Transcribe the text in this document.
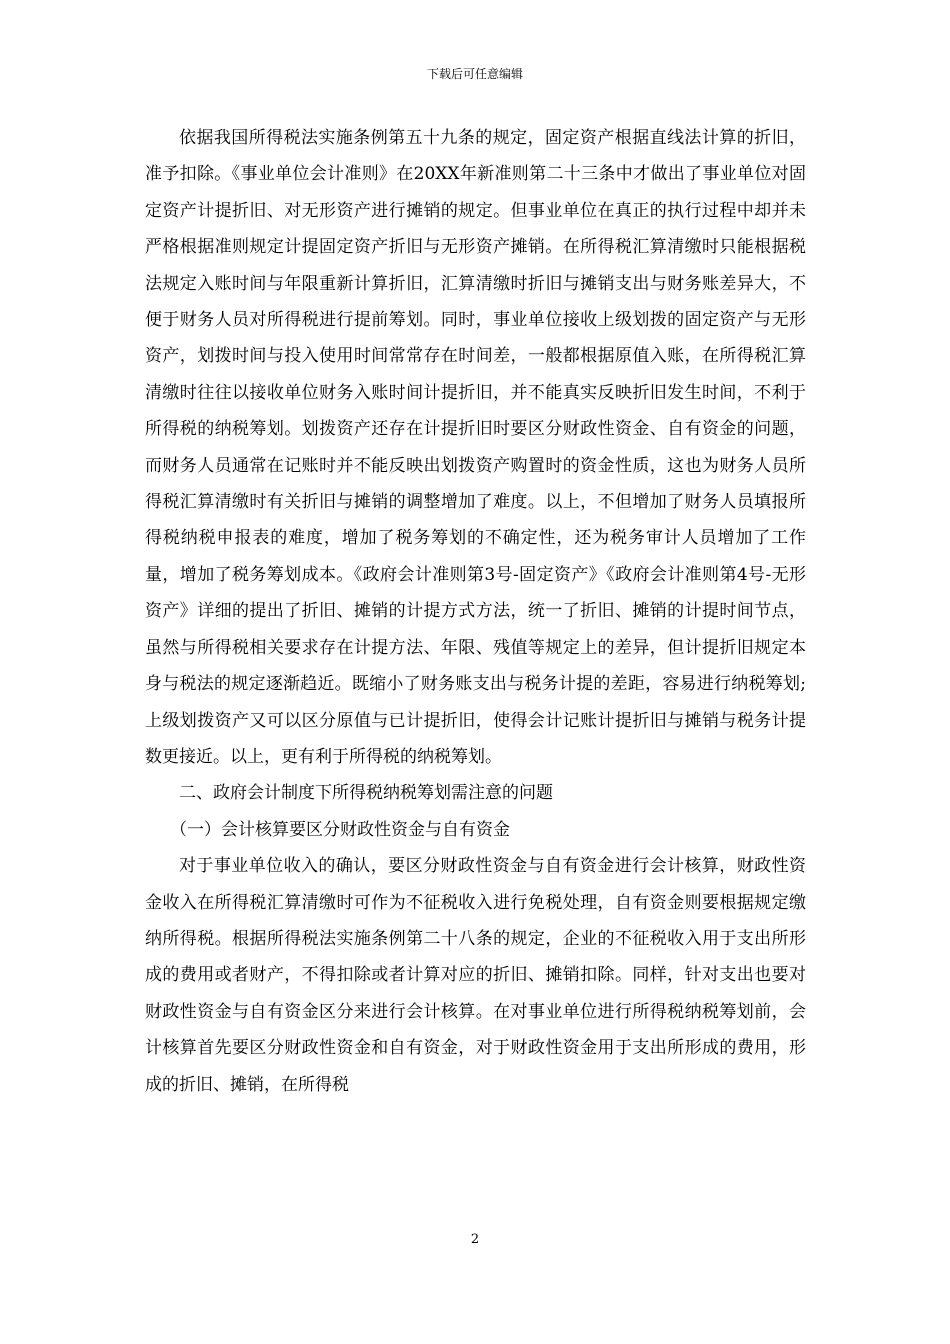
下载后可任意编辑

依据我国所得税法实施条例第五十九条的规定，固定资产根据直线法计算的折旧，准予扣除。《事业单位会计准则》在20XX年新准则第二十三条中才做出了事业单位对固定资产计提折旧、对无形资产进行摊销的规定。但事业单位在真正的执行过程中却并未严格根据准则规定计提固定资产折旧与无形资产摊销。在所得税汇算清缴时只能根据税法规定入账时间与年限重新计算折旧，汇算清缴时折旧与摊销支出与财务账差异大，不便于财务人员对所得税进行提前筹划。同时，事业单位接收上级划拨的固定资产与无形资产，划拨时间与投入使用时间常常存在时间差，一般都根据原值入账，在所得税汇算清缴时往往以接收单位财务入账时间计提折旧，并不能真实反映折旧发生时间，不利于所得税的纳税筹划。划拨资产还存在计提折旧时要区分财政性资金、自有资金的问题，而财务人员通常在记账时并不能反映出划拨资产购置时的资金性质，这也为财务人员所得税汇算清缴时有关折旧与摊销的调整增加了难度。以上，不但增加了财务人员填报所得税纳税申报表的难度，增加了税务筹划的不确定性，还为税务审计人员增加了工作量，增加了税务筹划成本。《政府会计准则第3号-固定资产》《政府会计准则第4号-无形资产》详细的提出了折旧、摊销的计提方式方法，统一了折旧、摊销的计提时间节点，虽然与所得税相关要求存在计提方法、年限、残值等规定上的差异，但计提折旧规定本身与税法的规定逐渐趋近。既缩小了财务账支出与税务计提的差距，容易进行纳税筹划;上级划拨资产又可以区分原值与已计提折旧，使得会计记账计提折旧与摊销与税务计提数更接近。以上，更有利于所得税的纳税筹划。

二、政府会计制度下所得税纳税筹划需注意的问题

（一）会计核算要区分财政性资金与自有资金

对于事业单位收入的确认，要区分财政性资金与自有资金进行会计核算，财政性资金收入在所得税汇算清缴时可作为不征税收入进行免税处理，自有资金则要根据规定缴纳所得税。根据所得税法实施条例第二十八条的规定，企业的不征税收入用于支出所形成的费用或者财产，不得扣除或者计算对应的折旧、摊销扣除。同样，针对支出也要对财政性资金与自有资金区分来进行会计核算。在对事业单位进行所得税纳税筹划前，会计核算首先要区分财政性资金和自有资金，对于财政性资金用于支出所形成的费用，形成的折旧、摊销，在所得税

2
